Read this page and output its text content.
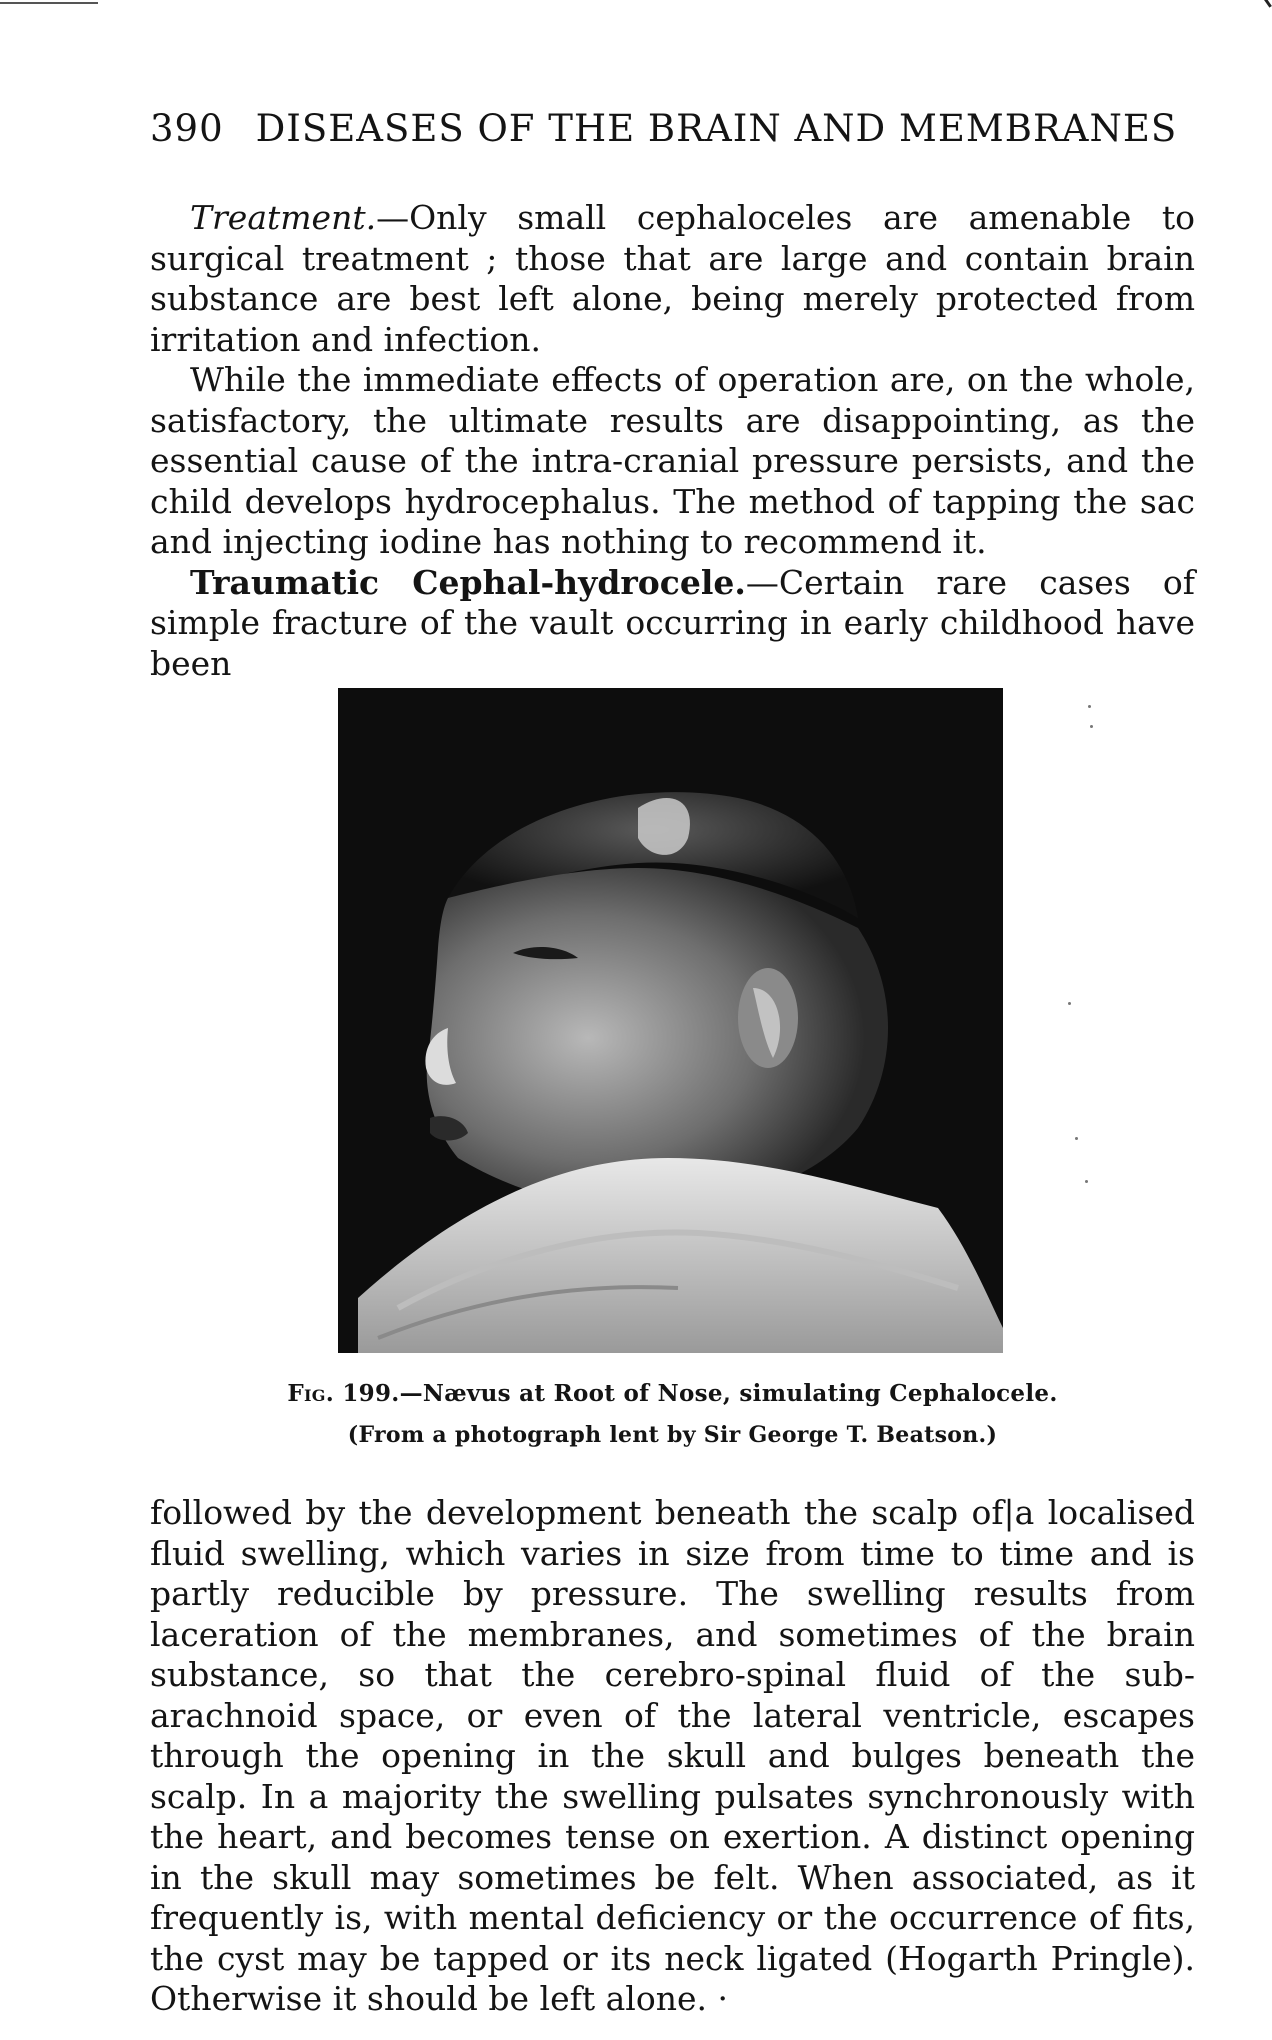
390 DISEASES OF THE BRAIN AND MEMBRANES

Treatment.—Only small cephaloceles are amenable to surgical treatment ; those that are large and contain brain substance are best left alone, being merely protected from irritation and infection.

While the immediate effects of operation are, on the whole, satisfactory, the ultimate results are disappointing, as the essential cause of the intra-cranial pressure persists, and the child develops hydrocephalus. The method of tapping the sac and injecting iodine has nothing to recommend it.

Traumatic Cephal-hydrocele.—Certain rare cases of simple fracture of the vault occurring in early childhood have been

Fig. 199.—Nævus at Root of Nose, simulating Cephalocele.
(From a photograph lent by Sir George T. Beatson.)

followed by the development beneath the scalp of|a localised fluid swelling, which varies in size from time to time and is partly reducible by pressure. The swelling results from laceration of the membranes, and sometimes of the brain substance, so that the cerebro-spinal fluid of the sub-arachnoid space, or even of the lateral ventricle, escapes through the opening in the skull and bulges beneath the scalp. In a majority the swelling pulsates synchronously with the heart, and becomes tense on exertion. A distinct opening in the skull may sometimes be felt. When associated, as it frequently is, with mental deficiency or the occurrence of fits, the cyst may be tapped or its neck ligated (Hogarth Pringle). Otherwise it should be left alone. ·
